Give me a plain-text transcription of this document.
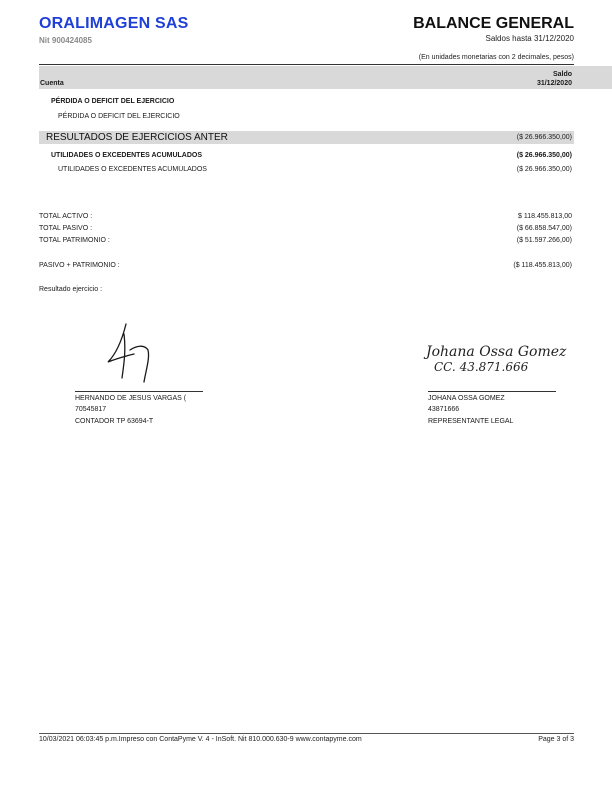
ORALIMAGEN SAS
Nit 900424085
BALANCE GENERAL
Saldos hasta 31/12/2020
(En unidades monetarias con 2 decimales, pesos)
Cuenta
Saldo
31/12/2020
PÉRDIDA O DEFICIT DEL EJERCICIO
PÉRDIDA O DEFICIT DEL EJERCICIO
RESULTADOS DE EJERCICIOS ANTER	($ 26.966.350,00)
UTILIDADES O EXCEDENTES ACUMULADOS	($ 26.966.350,00)
UTILIDADES O EXCEDENTES ACUMULADOS	($ 26.966.350,00)
TOTAL ACTIVO :	$ 118.455.813,00
TOTAL PASIVO :	($ 66.858.547,00)
TOTAL PATRIMONIO :	($ 51.597.266,00)
PASIVO + PATRIMONIO :	($ 118.455.813,00)
Resultado ejercicio :
HERNANDO DE JESUS VARGAS (
70545817
CONTADOR TP 63694-T
Johana Ossa Gomez
CC. 43.871.666
JOHANA OSSA GOMEZ
43871666
REPRESENTANTE LEGAL
10/03/2021 06:03:45 p.m.Impreso con ContaPyme V. 4 - InSoft. Nit 810.000.630-9 www.contapyme.com	Page 3 of 3
